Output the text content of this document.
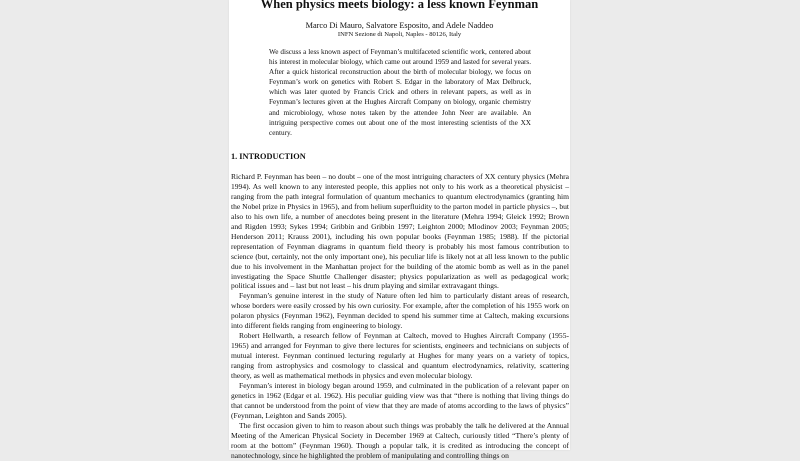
When physics meets biology: a less known Feynman
Marco Di Mauro, Salvatore Esposito, and Adele Naddeo
INFN Sezione di Napoli, Naples - 80126, Italy
We discuss a less known aspect of Feynman’s multifaceted scientific work, centered about his interest in molecular biology, which came out around 1959 and lasted for several years. After a quick historical reconstruction about the birth of molecular biology, we focus on Feynman’s work on genetics with Robert S. Edgar in the laboratory of Max Delbruck, which was later quoted by Francis Crick and others in relevant papers, as well as in Feynman’s lectures given at the Hughes Aircraft Company on biology, organic chemistry and microbiology, whose notes taken by the attendee John Neer are available. An intriguing perspective comes out about one of the most interesting scientists of the XX century.
1. INTRODUCTION

Richard P. Feynman has been – no doubt – one of the most intriguing characters of XX century physics (Mehra 1994). As well known to any interested people, this applies not only to his work as a theoretical physicist – ranging from the path integral formulation of quantum mechanics to quantum electrodynamics (granting him the Nobel prize in Physics in 1965), and from helium superfluidity to the parton model in particle physics –, but also to his own life, a number of anecdotes being present in the literature (Mehra 1994; Gleick 1992; Brown and Rigden 1993; Sykes 1994; Gribbin and Gribbin 1997; Leighton 2000; Mlodinov 2003; Feynman 2005; Henderson 2011; Krauss 2001), including his own popular books (Feynman 1985; 1988). If the pictorial representation of Feynman diagrams in quantum field theory is probably his most famous contribution to science (but, certainly, not the only important one), his peculiar life is likely not at all less known to the public due to his involvement in the Manhattan project for the building of the atomic bomb as well as in the panel investigating the Space Shuttle Challenger disaster; physics popularization as well as pedagogical work; political issues and – last but not least – his drum playing and similar extravagant things.

Feynman’s genuine interest in the study of Nature often led him to particularly distant areas of research, whose borders were easily crossed by his own curiosity. For example, after the completion of his 1955 work on polaron physics (Feynman 1962), Feynman decided to spend his summer time at Caltech, making excursions into different fields ranging from engineering to biology.

Robert Hellwarth, a research fellow of Feynman at Caltech, moved to Hughes Aircraft Company (1955-1965) and arranged for Feynman to give there lectures for scientists, engineers and technicians on subjects of mutual interest. Feynman continued lecturing regularly at Hughes for many years on a variety of topics, ranging from astrophysics and cosmology to classical and quantum electrodynamics, relativity, scattering theory, as well as mathematical methods in physics and even molecular biology.

Feynman’s interest in biology began around 1959, and culminated in the publication of a relevant paper on genetics in 1962 (Edgar et al. 1962). His peculiar guiding view was that “there is nothing that living things do that cannot be understood from the point of view that they are made of atoms according to the laws of physics” (Feynman, Leighton and Sands 2005).

The first occasion given to him to reason about such things was probably the talk he delivered at the Annual Meeting of the American Physical Society in December 1969 at Caltech, curiously titled “There’s plenty of room at the bottom” (Feynman 1960). Though a popular talk, it is credited as introducing the concept of nanotechnology, since he highlighted the problem of manipulating and controlling things on
